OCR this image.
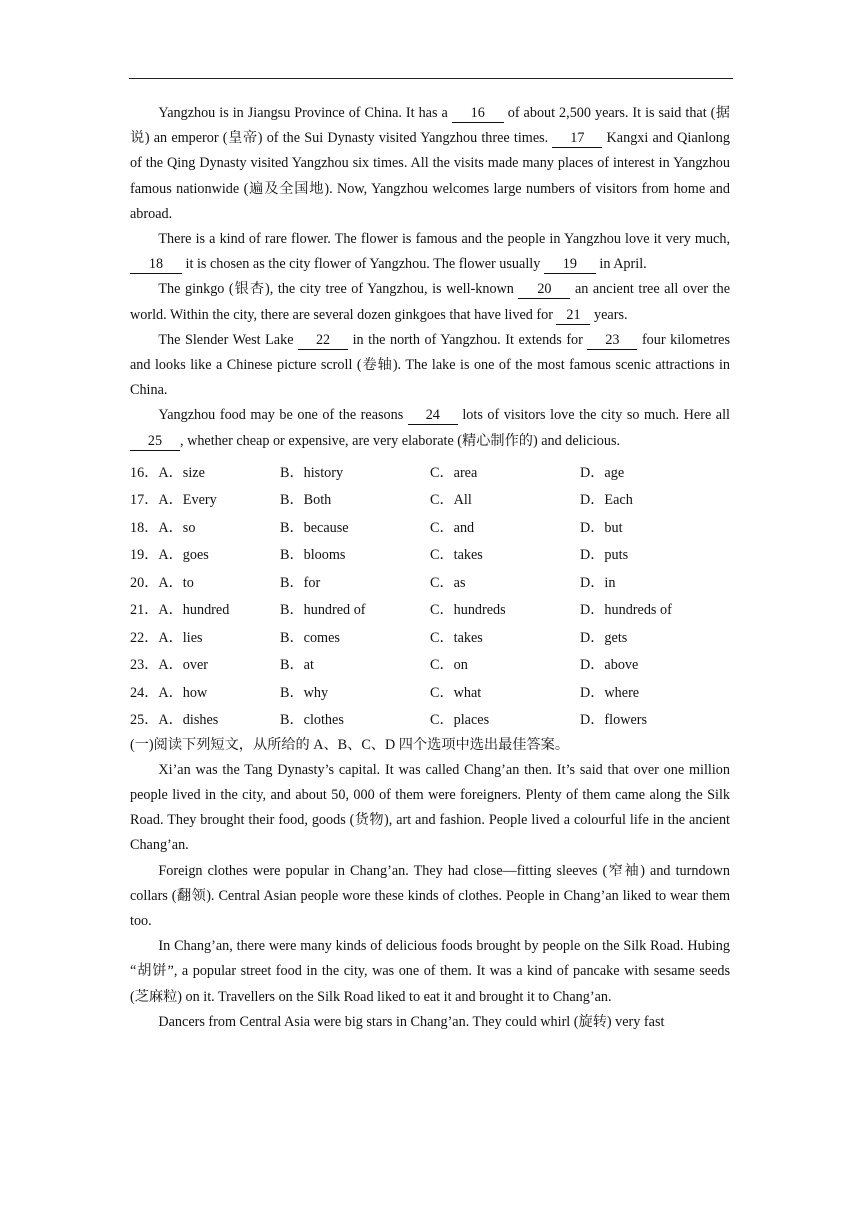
Yangzhou is in Jiangsu Province of China. It has a 16 of about 2,500 years. It is said that (据说) an emperor (皇帝) of the Sui Dynasty visited Yangzhou three times. 17 Kangxi and Qianlong of the Qing Dynasty visited Yangzhou six times. All the visits made many places of interest in Yangzhou famous nationwide (遍及全国地). Now, Yangzhou welcomes large numbers of visitors from home and abroad.

There is a kind of rare flower. The flower is famous and the people in Yangzhou love it very much, 18 it is chosen as the city flower of Yangzhou. The flower usually 19 in April.

The ginkgo (银杏), the city tree of Yangzhou, is well-known 20 an ancient tree all over the world. Within the city, there are several dozen ginkgoes that have lived for 21 years.

The Slender West Lake 22 in the north of Yangzhou. It extends for 23 four kilometres and looks like a Chinese picture scroll (卷轴). The lake is one of the most famous scenic attractions in China.

Yangzhou food may be one of the reasons 24 lots of visitors love the city so much. Here all 25 , whether cheap or expensive, are very elaborate (精心制作的) and delicious.

16．A．size	B．history	C．area	D．age
17．A．Every	B．Both	C．All	D．Each
18．A．so	B．because	C．and	D．but
19．A．goes	B．blooms	C．takes	D．puts
20．A．to	B．for	C．as	D．in
21．A．hundred	B．hundred of	C．hundreds	D．hundreds of
22．A．lies	B．comes	C．takes	D．gets
23．A．over	B．at	C．on	D．above
24．A．how	B．why	C．what	D．where
25．A．dishes	B．clothes	C．places	D．flowers

(一)阅读下列短文，从所给的 A、B、C、D 四个选项中选出最佳答案。

Xi’an was the Tang Dynasty’s capital. It was called Chang’an then. It’s said that over one million people lived in the city, and about 50, 000 of them were foreigners. Plenty of them came along the Silk Road. They brought their food, goods (货物), art and fashion. People lived a colourful life in the ancient Chang’an.

Foreign clothes were popular in Chang’an. They had close—fitting sleeves (窄袖) and turndown collars (翻领). Central Asian people wore these kinds of clothes. People in Chang’an liked to wear them too.

In Chang’an, there were many kinds of delicious foods brought by people on the Silk Road. Hubing “胡饼”, a popular street food in the city, was one of them. It was a kind of pancake with sesame seeds (芝麻粒) on it. Travellers on the Silk Road liked to eat it and brought it to Chang’an.

Dancers from Central Asia were big stars in Chang’an. They could whirl (旋转) very fast
